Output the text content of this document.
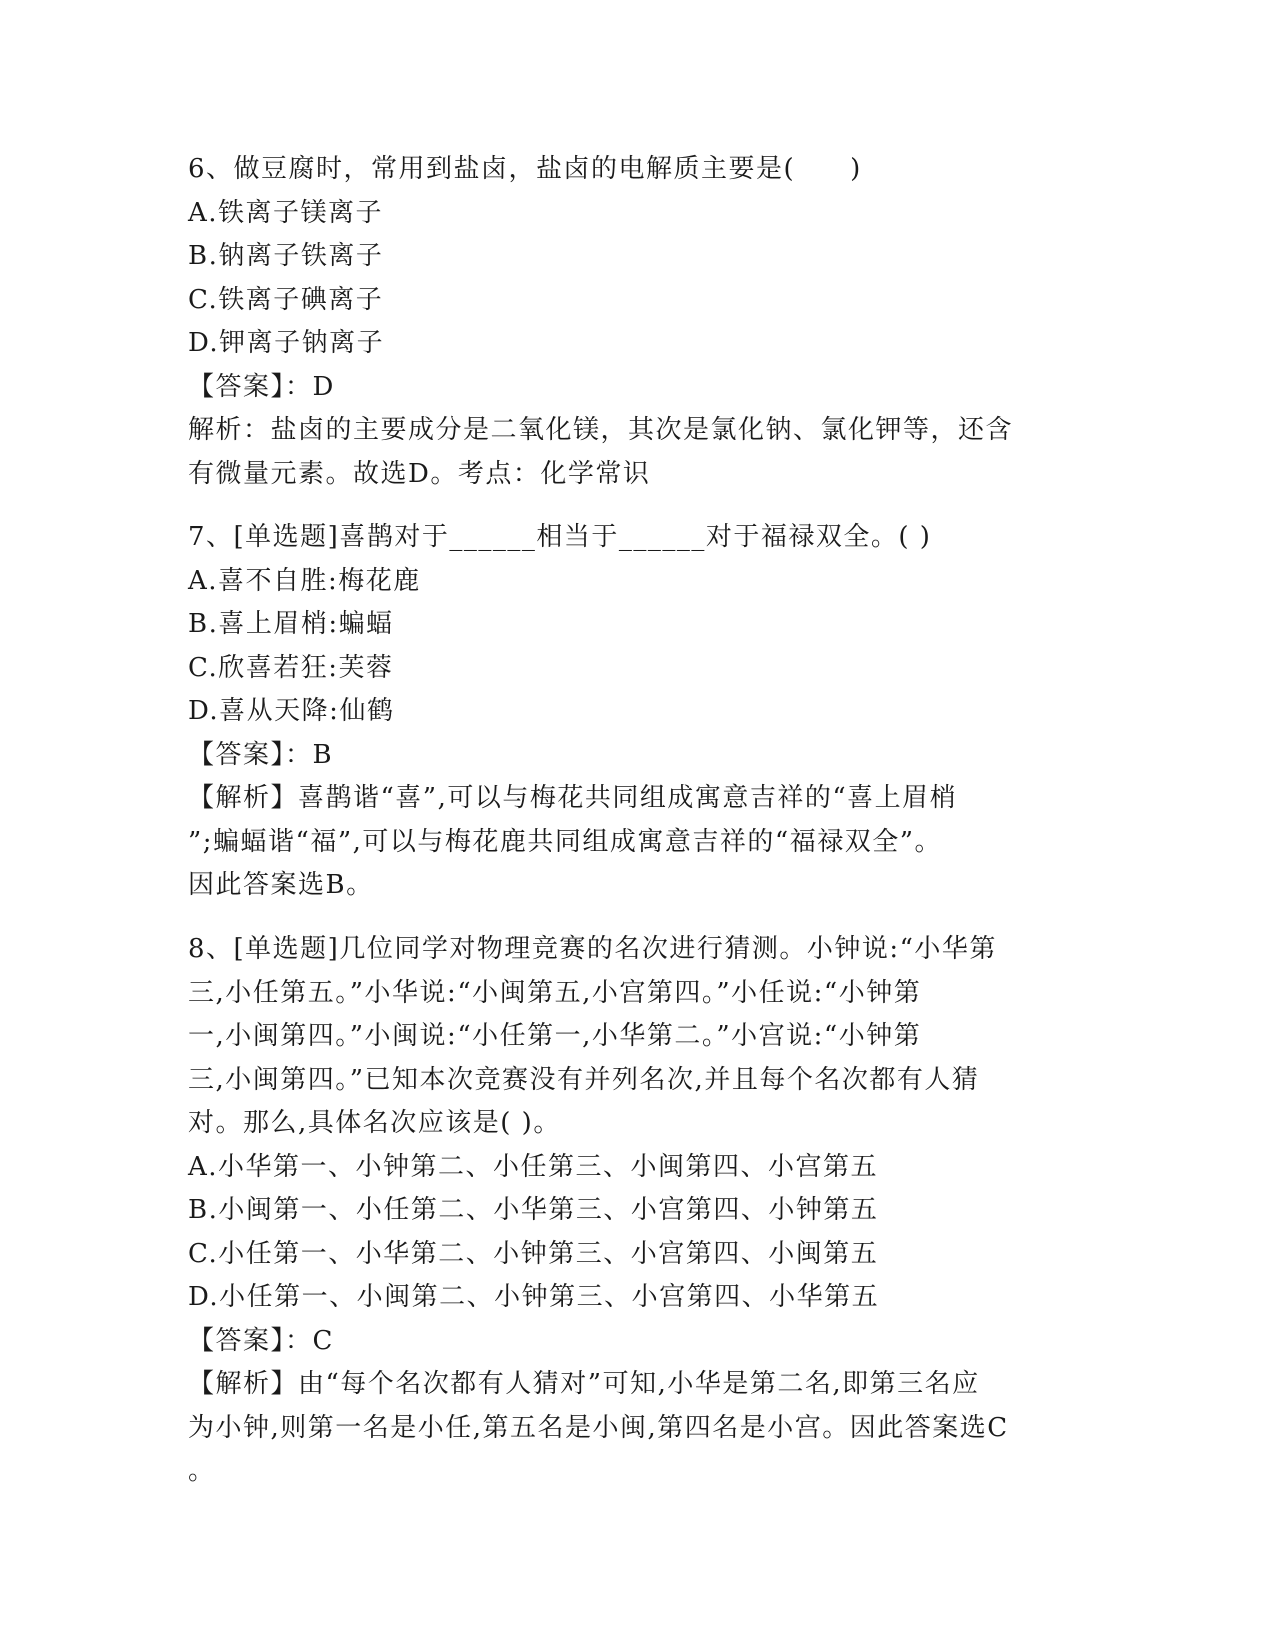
6、做豆腐时，常用到盐卤，盐卤的电解质主要是(　　)
A.铁离子镁离子
B.钠离子铁离子
C.铁离子碘离子
D.钾离子钠离子
【答案】：D
解析：盐卤的主要成分是二氧化镁，其次是氯化钠、氯化钾等，还含
有微量元素。故选D。考点：化学常识
7、[单选题]喜鹊对于______相当于______对于福禄双全。( )
A.喜不自胜:梅花鹿
B.喜上眉梢:蝙蝠
C.欣喜若狂:芙蓉
D.喜从天降:仙鹤
【答案】：B
【解析】喜鹊谐“喜”,可以与梅花共同组成寓意吉祥的“喜上眉梢
”;蝙蝠谐“福”,可以与梅花鹿共同组成寓意吉祥的“福禄双全”。
因此答案选B。
8、[单选题]几位同学对物理竞赛的名次进行猜测。小钟说:“小华第
三,小任第五。”小华说:“小闽第五,小宫第四。”小任说:“小钟第
一,小闽第四。”小闽说:“小任第一,小华第二。”小宫说:“小钟第
三,小闽第四。”已知本次竞赛没有并列名次,并且每个名次都有人猜
对。那么,具体名次应该是( )。
A.小华第一、小钟第二、小任第三、小闽第四、小宫第五
B.小闽第一、小任第二、小华第三、小宫第四、小钟第五
C.小任第一、小华第二、小钟第三、小宫第四、小闽第五
D.小任第一、小闽第二、小钟第三、小宫第四、小华第五
【答案】：C
【解析】由“每个名次都有人猜对”可知,小华是第二名,即第三名应
为小钟,则第一名是小任,第五名是小闽,第四名是小宫。因此答案选C
。
